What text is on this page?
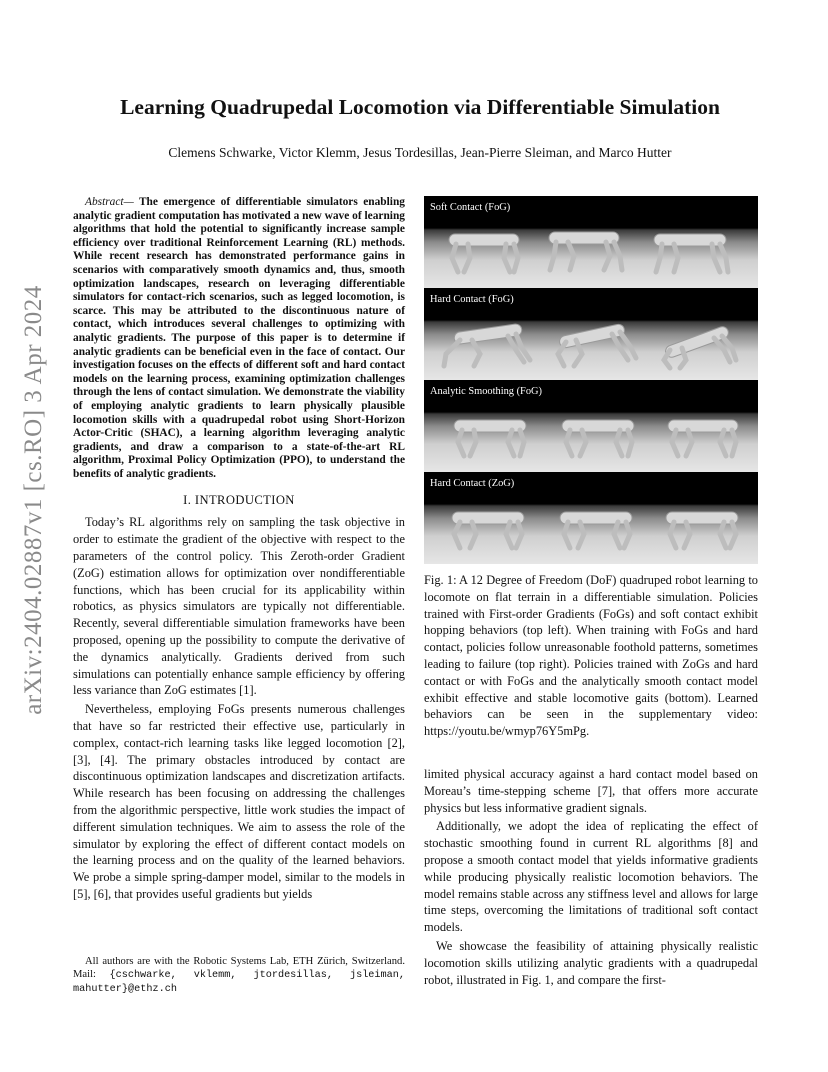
arXiv:2404.02887v1 [cs.RO] 3 Apr 2024
Learning Quadrupedal Locomotion via Differentiable Simulation

Clemens Schwarke, Victor Klemm, Jesus Tordesillas, Jean-Pierre Sleiman, and Marco Hutter

Abstract— The emergence of differentiable simulators enabling analytic gradient computation has motivated a new wave of learning algorithms that hold the potential to significantly increase sample efficiency over traditional Reinforcement Learning (RL) methods. While recent research has demonstrated performance gains in scenarios with comparatively smooth dynamics and, thus, smooth optimization landscapes, research on leveraging differentiable simulators for contact-rich scenarios, such as legged locomotion, is scarce. This may be attributed to the discontinuous nature of contact, which introduces several challenges to optimizing with analytic gradients. The purpose of this paper is to determine if analytic gradients can be beneficial even in the face of contact. Our investigation focuses on the effects of different soft and hard contact models on the learning process, examining optimization challenges through the lens of contact simulation. We demonstrate the viability of employing analytic gradients to learn physically plausible locomotion skills with a quadrupedal robot using Short-Horizon Actor-Critic (SHAC), a learning algorithm leveraging analytic gradients, and draw a comparison to a state-of-the-art RL algorithm, Proximal Policy Optimization (PPO), to understand the benefits of analytic gradients.

I. INTRODUCTION

Today’s RL algorithms rely on sampling the task objective in order to estimate the gradient of the objective with respect to the parameters of the control policy. This Zeroth-order Gradient (ZoG) estimation allows for optimization over nondifferentiable functions, which has been crucial for its applicability within robotics, as physics simulators are typically not differentiable. Recently, several differentiable simulation frameworks have been proposed, opening up the possibility to compute the derivative of the dynamics analytically. Gradients derived from such simulations can potentially enhance sample efficiency by offering less variance than ZoG estimates [1].

Nevertheless, employing FoGs presents numerous challenges that have so far restricted their effective use, particularly in complex, contact-rich learning tasks like legged locomotion [2], [3], [4]. The primary obstacles introduced by contact are discontinuous optimization landscapes and discretization artifacts. While research has been focusing on addressing the challenges from the algorithmic perspective, little work studies the impact of different simulation techniques. We aim to assess the role of the simulator by exploring the effect of different contact models on the learning process and on the quality of the learned behaviors. We probe a simple spring-damper model, similar to the models in [5], [6], that provides useful gradients but yields

All authors are with the Robotic Systems Lab, ETH Zürich, Switzerland. Mail: {cschwarke, vklemm, jtordesillas, jsleiman, mahutter}@ethz.ch

Soft Contact (FoG)
Hard Contact (FoG)
Analytic Smoothing (FoG)
Hard Contact (ZoG)

Fig. 1: A 12 Degree of Freedom (DoF) quadruped robot learning to locomote on flat terrain in a differentiable simulation. Policies trained with First-order Gradients (FoGs) and soft contact exhibit hopping behaviors (top left). When training with FoGs and hard contact, policies follow unreasonable foothold patterns, sometimes leading to failure (top right). Policies trained with ZoGs and hard contact or with FoGs and the analytically smooth contact model exhibit effective and stable locomotive gaits (bottom). Learned behaviors can be seen in the supplementary video: https://youtu.be/wmyp76Y5mPg.

limited physical accuracy against a hard contact model based on Moreau’s time-stepping scheme [7], that offers more accurate physics but less informative gradient signals.

Additionally, we adopt the idea of replicating the effect of stochastic smoothing found in current RL algorithms [8] and propose a smooth contact model that yields informative gradients while producing physically realistic locomotion behaviors. The model remains stable across any stiffness level and allows for large time steps, overcoming the limitations of traditional soft contact models.

We showcase the feasibility of attaining physically realistic locomotion skills utilizing analytic gradients with a quadrupedal robot, illustrated in Fig. 1, and compare the first-
